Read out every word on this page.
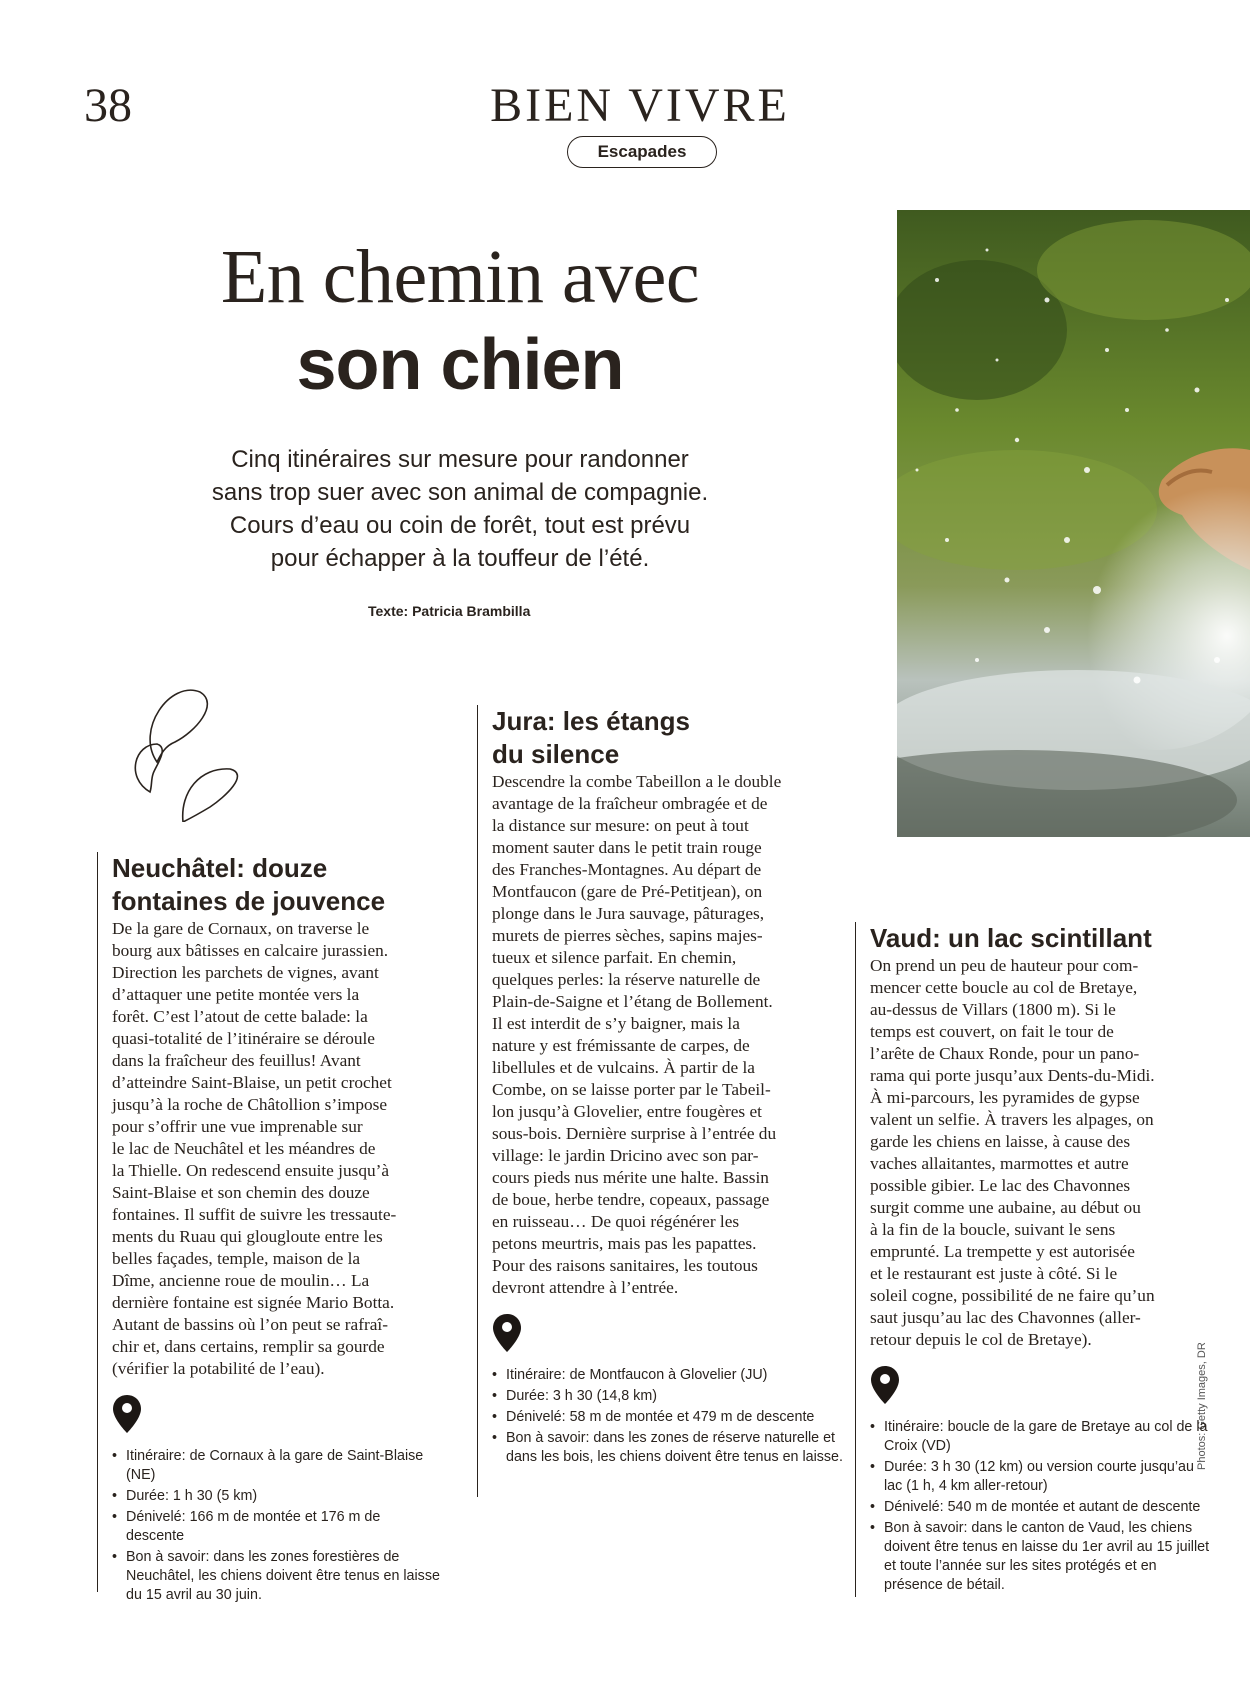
38	BIEN VIVRE
Escapades
En chemin avec
son chien
Cinq itinéraires sur mesure pour randonner
sans trop suer avec son animal de compagnie.
Cours d’eau ou coin de forêt, tout est prévu
pour échapper à la touffeur de l’été.
Texte: Patricia Brambilla
Photos: Getty Images, DR
Neuchâtel: douze
fontaines de jouvence
De la gare de Cornaux, on traverse le
bourg aux bâtisses en calcaire jurassien.
Direction les parchets de vignes, avant
d’attaquer une petite montée vers la
forêt. C’est l’atout de cette balade: la
quasi-totalité de l’itinéraire se déroule
dans la fraîcheur des feuillus! Avant
d’atteindre Saint-Blaise, un petit crochet
jusqu’à la roche de Châtollion s’impose
pour s’offrir une vue imprenable sur
le lac de Neuchâtel et les méandres de
la Thielle. On redescend ensuite jusqu’à
Saint-Blaise et son chemin des douze
fontaines. Il suffit de suivre les tressaute-
ments du Ruau qui glougloute entre les
belles façades, temple, maison de la
Dîme, ancienne roue de moulin… La
dernière fontaine est signée Mario Botta.
Autant de bassins où l’on peut se rafraî-
chir et, dans certains, remplir sa gourde
(vérifier la potabilité de l’eau).
• Itinéraire: de Cornaux à la gare de Saint-Blaise (NE)
• Durée: 1 h 30 (5 km)
• Dénivelé: 166 m de montée et 176 m de descente
• Bon à savoir: dans les zones forestières de Neuchâtel, les chiens doivent être tenus en laisse du 15 avril au 30 juin.
Jura: les étangs
du silence
Descendre la combe Tabeillon a le double
avantage de la fraîcheur ombragée et de
la distance sur mesure: on peut à tout
moment sauter dans le petit train rouge
des Franches-Montagnes. Au départ de
Montfaucon (gare de Pré-Petitjean), on
plonge dans le Jura sauvage, pâturages,
murets de pierres sèches, sapins majes-
tueux et silence parfait. En chemin,
quelques perles: la réserve naturelle de
Plain-de-Saigne et l’étang de Bollement.
Il est interdit de s’y baigner, mais la
nature y est frémissante de carpes, de
libellules et de vulcains. À partir de la
Combe, on se laisse porter par le Tabeil-
lon jusqu’à Glovelier, entre fougères et
sous-bois. Dernière surprise à l’entrée du
village: le jardin Dricino avec son par-
cours pieds nus mérite une halte. Bassin
de boue, herbe tendre, copeaux, passage
en ruisseau… De quoi régénérer les
petons meurtris, mais pas les papattes.
Pour des raisons sanitaires, les toutous
devront attendre à l’entrée.
• Itinéraire: de Montfaucon à Glovelier (JU)
• Durée: 3 h 30 (14,8 km)
• Dénivelé: 58 m de montée et 479 m de descente
• Bon à savoir: dans les zones de réserve naturelle et dans les bois, les chiens doivent être tenus en laisse.
Vaud: un lac scintillant
On prend un peu de hauteur pour com-
mencer cette boucle au col de Bretaye,
au-dessus de Villars (1800 m). Si le
temps est couvert, on fait le tour de
l’arête de Chaux Ronde, pour un pano-
rama qui porte jusqu’aux Dents-du-Midi.
À mi-parcours, les pyramides de gypse
valent un selfie. À travers les alpages, on
garde les chiens en laisse, à cause des
vaches allaitantes, marmottes et autre
possible gibier. Le lac des Chavonnes
surgit comme une aubaine, au début ou
à la fin de la boucle, suivant le sens
emprunté. La trempette y est autorisée
et le restaurant est juste à côté. Si le
soleil cogne, possibilité de ne faire qu’un
saut jusqu’au lac des Chavonnes (aller-
retour depuis le col de Bretaye).
• Itinéraire: boucle de la gare de Bretaye au col de la Croix (VD)
• Durée: 3 h 30 (12 km) ou version courte jusqu’au lac (1 h, 4 km aller-retour)
• Dénivelé: 540 m de montée et autant de descente
• Bon à savoir: dans le canton de Vaud, les chiens doivent être tenus en laisse du 1er avril au 15 juillet et toute l’année sur les sites protégés et en présence de bétail.
